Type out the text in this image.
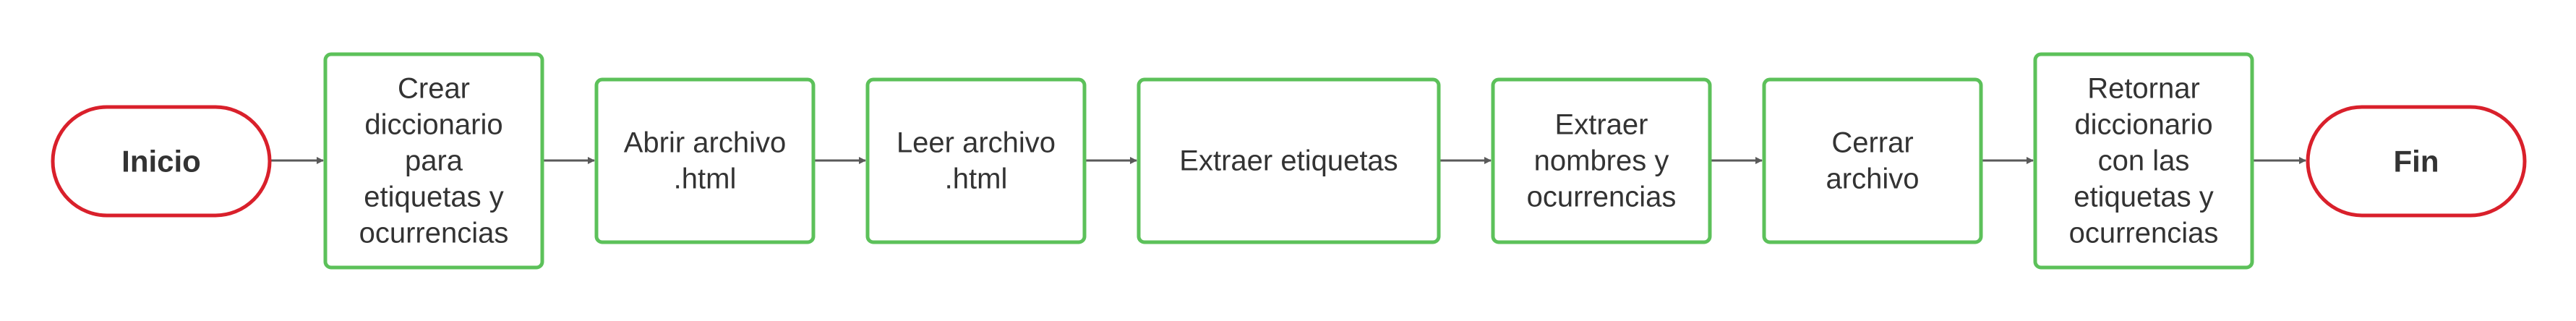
Inicio
Crear diccionario para etiquetas y ocurrencias
Abrir archivo .html
Leer archivo .html
Extraer etiquetas
Extraer nombres y ocurrencias
Cerrar archivo
Retornar diccionario con las etiquetas y ocurrencias
Fin
